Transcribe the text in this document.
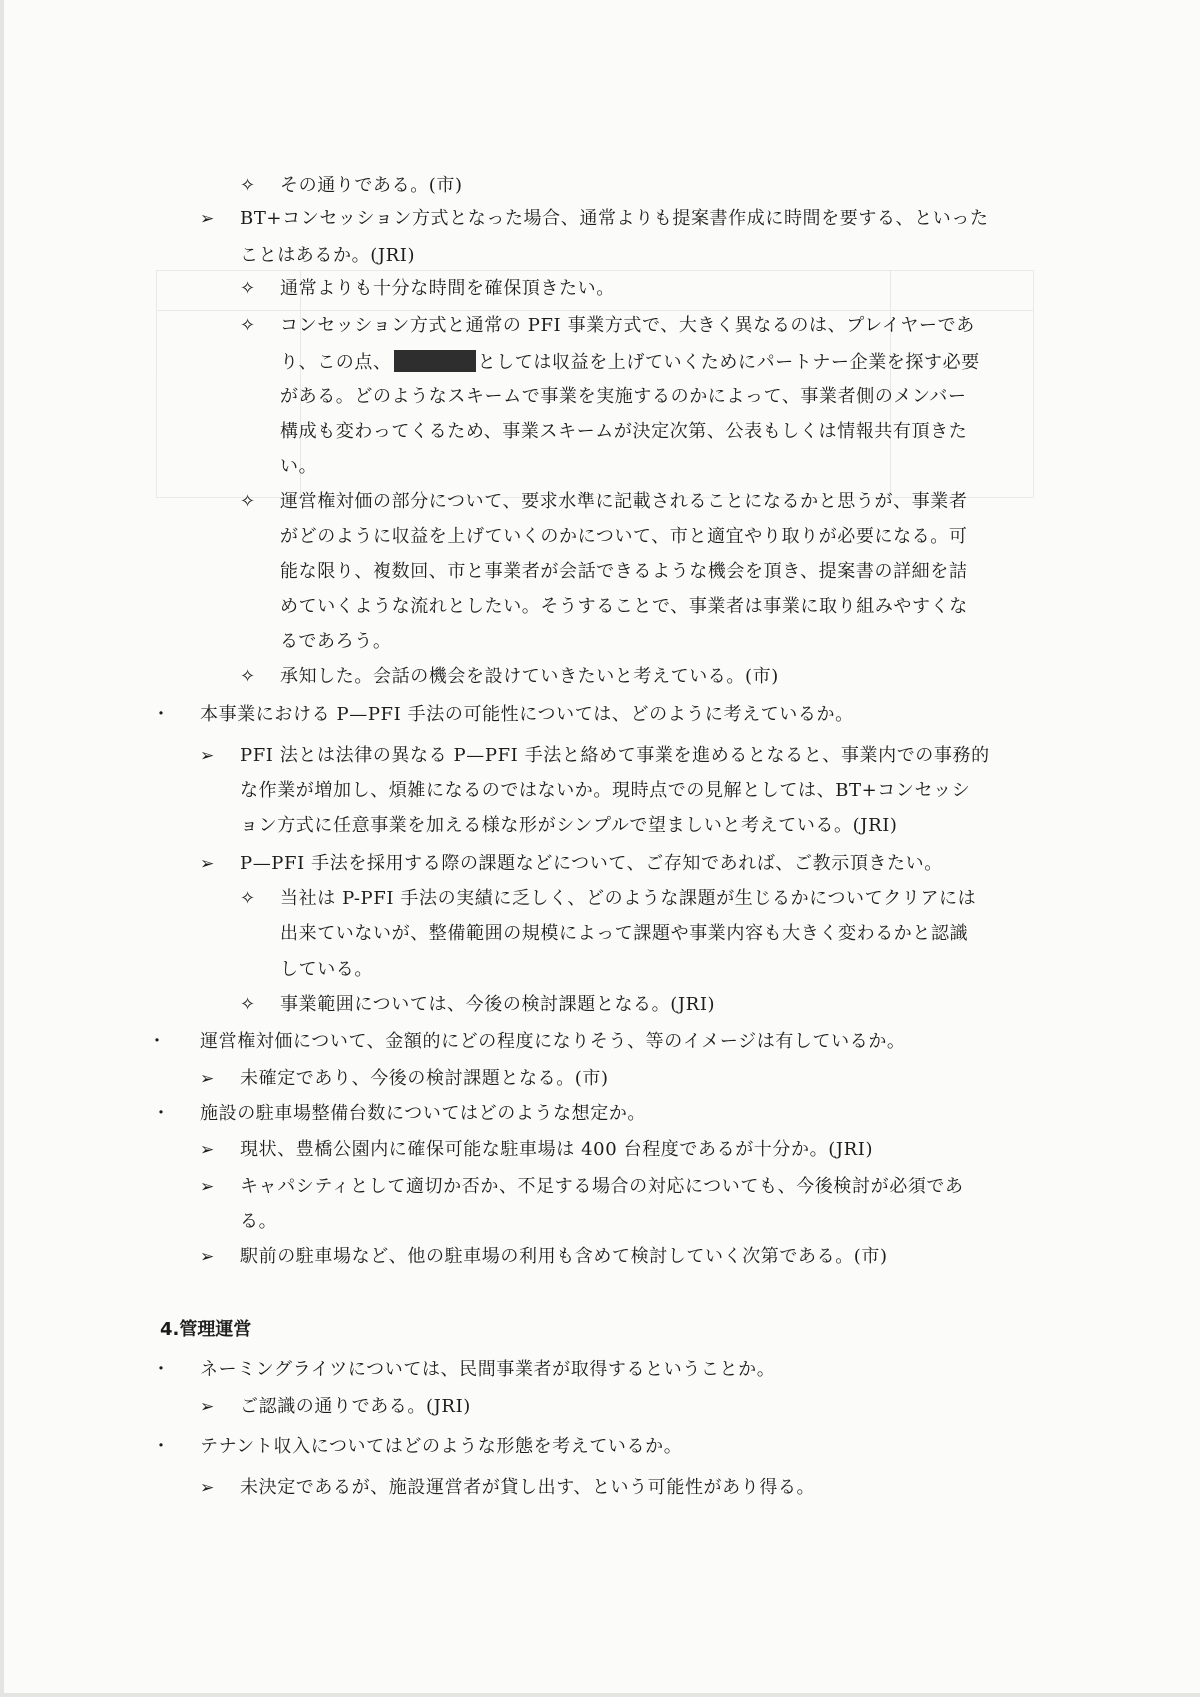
✧ その通りである。(市)
➢ BT+コンセッション方式となった場合、通常よりも提案書作成に時間を要する、といった
ことはあるか。(JRI)
✧ 通常よりも十分な時間を確保頂きたい。
✧ コンセッション方式と通常の PFI 事業方式で、大きく異なるのは、プレイヤーであ
り、この点、	としては収益を上げていくためにパートナー企業を探す必要
がある。どのようなスキームで事業を実施するのかによって、事業者側のメンバー
構成も変わってくるため、事業スキームが決定次第、公表もしくは情報共有頂きた
い。
✧ 運営権対価の部分について、要求水準に記載されることになるかと思うが、事業者
がどのように収益を上げていくのかについて、市と適宜やり取りが必要になる。可
能な限り、複数回、市と事業者が会話できるような機会を頂き、提案書の詳細を詰
めていくような流れとしたい。そうすることで、事業者は事業に取り組みやすくな
るであろう。
✧ 承知した。会話の機会を設けていきたいと考えている。(市)
・ 本事業における P—PFI 手法の可能性については、どのように考えているか。
➢ PFI 法とは法律の異なる P—PFI 手法と絡めて事業を進めるとなると、事業内での事務的
な作業が増加し、煩雑になるのではないか。現時点での見解としては、BT+コンセッシ
ョン方式に任意事業を加える様な形がシンプルで望ましいと考えている。(JRI)
➢ P—PFI 手法を採用する際の課題などについて、ご存知であれば、ご教示頂きたい。
✧ 当社は P-PFI 手法の実績に乏しく、どのような課題が生じるかについてクリアには
出来ていないが、整備範囲の規模によって課題や事業内容も大きく変わるかと認識
している。
✧ 事業範囲については、今後の検討課題となる。(JRI)
・ 運営権対価について、金額的にどの程度になりそう、等のイメージは有しているか。
➢ 未確定であり、今後の検討課題となる。(市)
・ 施設の駐車場整備台数についてはどのような想定か。
➢ 現状、豊橋公園内に確保可能な駐車場は 400 台程度であるが十分か。(JRI)
➢ キャパシティとして適切か否か、不足する場合の対応についても、今後検討が必須であ
る。
➢ 駅前の駐車場など、他の駐車場の利用も含めて検討していく次第である。(市)
4.管理運営
・ ネーミングライツについては、民間事業者が取得するということか。
➢ ご認識の通りである。(JRI)
・ テナント収入についてはどのような形態を考えているか。
➢ 未決定であるが、施設運営者が貸し出す、という可能性があり得る。
